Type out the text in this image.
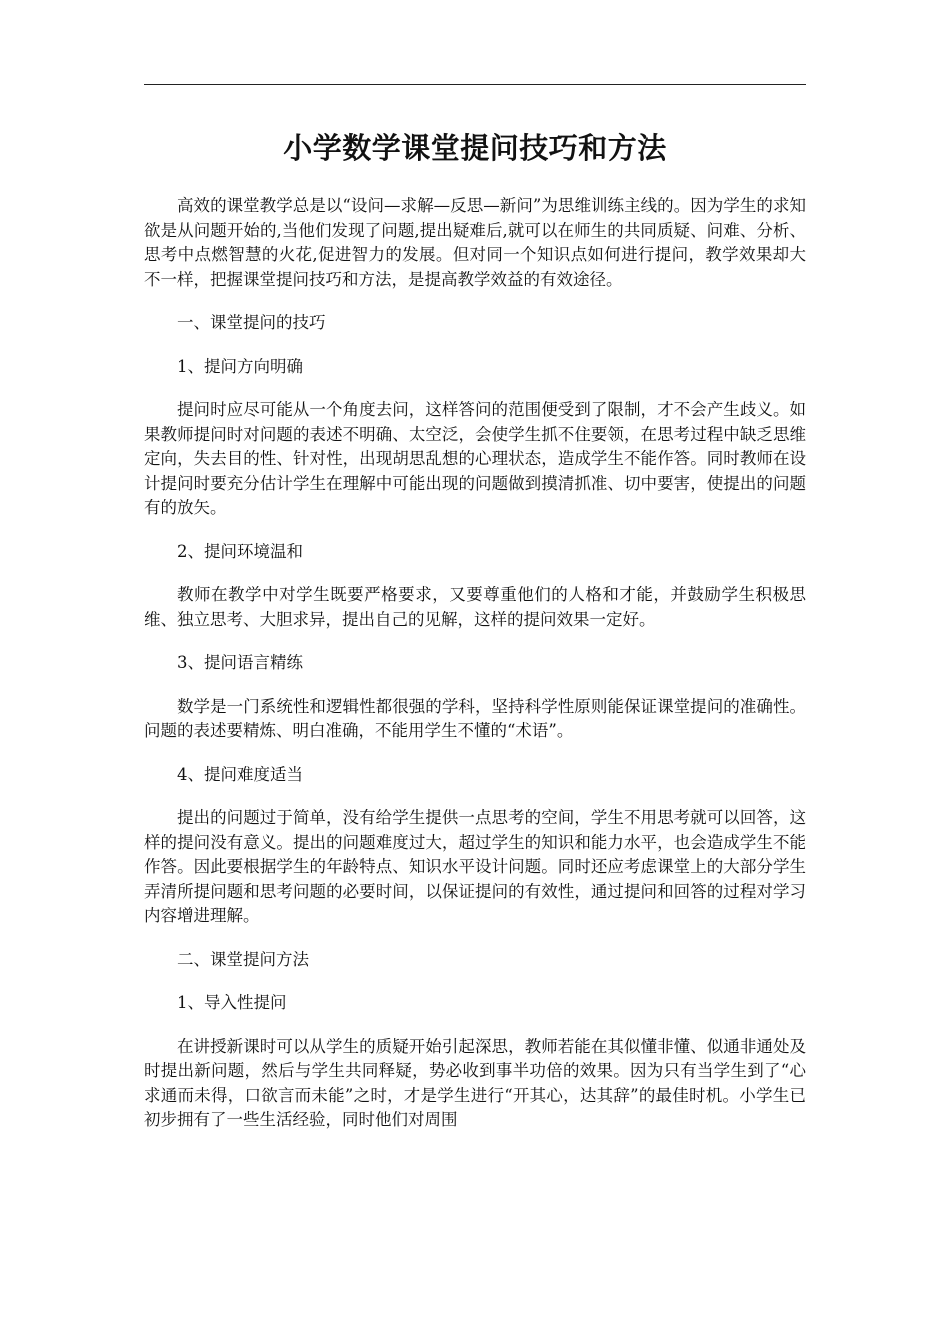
小学数学课堂提问技巧和方法

高效的课堂教学总是以“设问—求解—反思—新问”为思维训练主线的。因为学生的求知欲是从问题开始的,当他们发现了问题,提出疑难后,就可以在师生的共同质疑、问难、分析、思考中点燃智慧的火花,促进智力的发展。但对同一个知识点如何进行提问，教学效果却大不一样，把握课堂提问技巧和方法，是提高教学效益的有效途径。

一、课堂提问的技巧

1、提问方向明确

提问时应尽可能从一个角度去问，这样答问的范围便受到了限制，才不会产生歧义。如果教师提问时对问题的表述不明确、太空泛，会使学生抓不住要领，在思考过程中缺乏思维定向，失去目的性、针对性，出现胡思乱想的心理状态，造成学生不能作答。同时教师在设计提问时要充分估计学生在理解中可能出现的问题做到摸清抓准、切中要害，使提出的问题有的放矢。

2、提问环境温和

教师在教学中对学生既要严格要求，又要尊重他们的人格和才能，并鼓励学生积极思维、独立思考、大胆求异，提出自己的见解，这样的提问效果一定好。

3、提问语言精练

数学是一门系统性和逻辑性都很强的学科，坚持科学性原则能保证课堂提问的准确性。问题的表述要精炼、明白准确，不能用学生不懂的“术语”。

4、提问难度适当

提出的问题过于简单，没有给学生提供一点思考的空间，学生不用思考就可以回答，这样的提问没有意义。提出的问题难度过大，超过学生的知识和能力水平，也会造成学生不能作答。因此要根据学生的年龄特点、知识水平设计问题。同时还应考虑课堂上的大部分学生弄清所提问题和思考问题的必要时间，以保证提问的有效性，通过提问和回答的过程对学习内容增进理解。

二、课堂提问方法

1、导入性提问

在讲授新课时可以从学生的质疑开始引起深思，教师若能在其似懂非懂、似通非通处及时提出新问题，然后与学生共同释疑，势必收到事半功倍的效果。因为只有当学生到了“心求通而未得，口欲言而未能”之时，才是学生进行“开其心，达其辞”的最佳时机。小学生已初步拥有了一些生活经验，同时他们对周围
